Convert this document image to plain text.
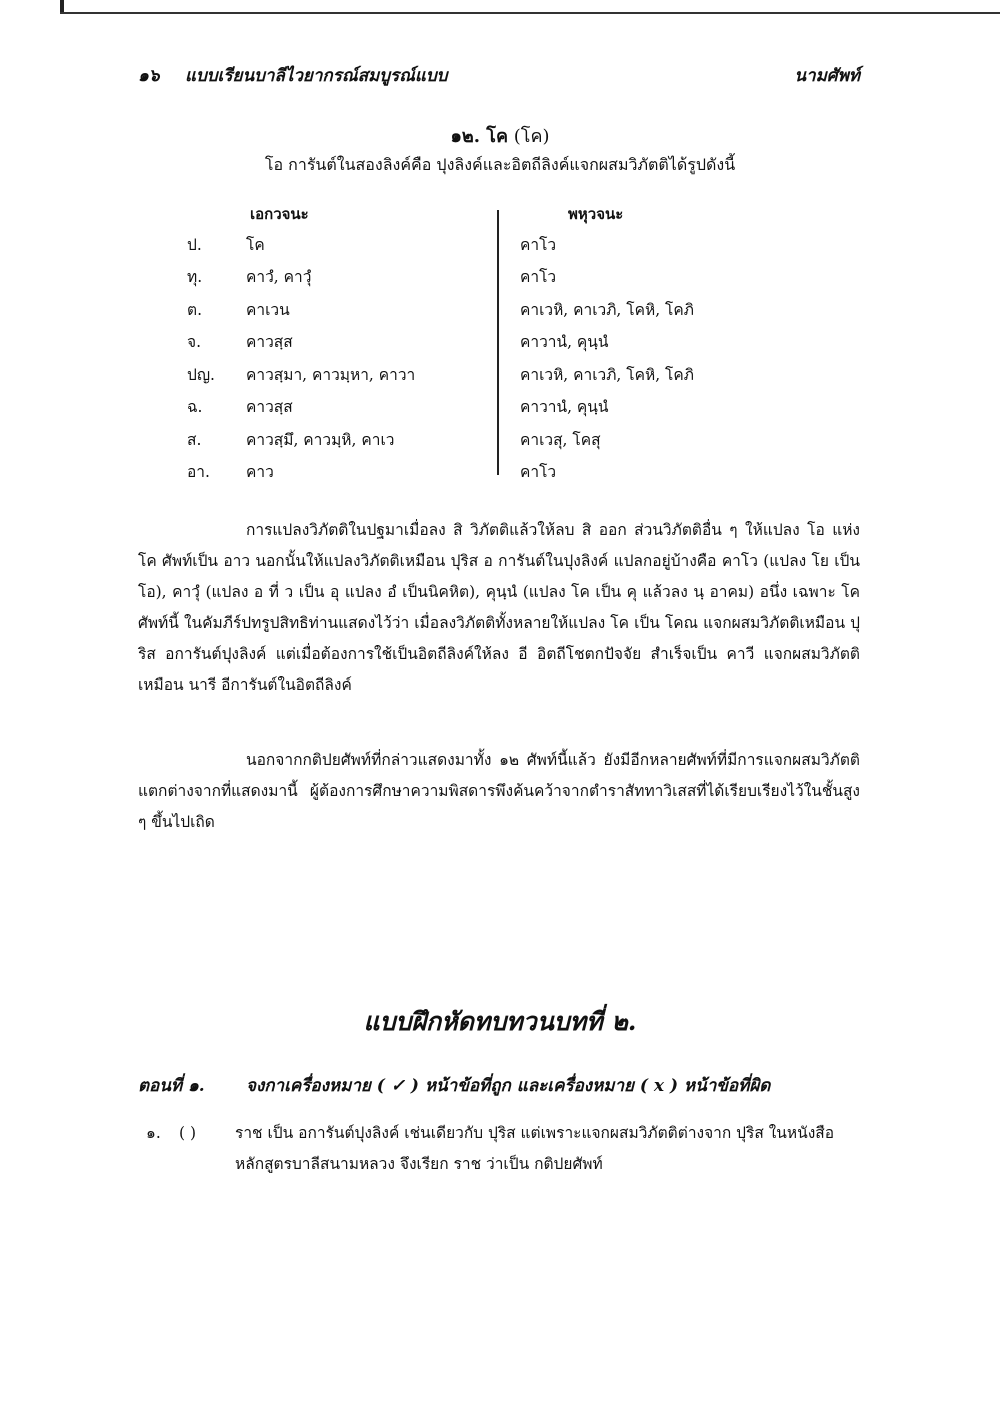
๑๖ แบบเรียนบาลีไวยากรณ์สมบูรณ์แบบ	นามศัพท์
๑๒. โค (โค)
โอ การันต์ในสองลิงค์คือ ปุงลิงค์และอิตถีลิงค์แจกผสมวิภัตติได้รูปดังนี้
เอกวจนะ	พหุวจนะ
ป.	โค	คาโว
ทุ.	คาวํ, คาวุํ	คาโว
ต.	คาเวน	คาเวหิ, คาเวภิ, โคหิ, โคภิ
จ.	คาวสฺส	คาวานํ, คุนฺนํ
ปญ. คาวสฺมา, คาวมฺหา, คาวา	คาเวหิ, คาเวภิ, โคหิ, โคภิ
ฉ.	คาวสฺส	คาวานํ, คุนฺนํ
ส.	คาวสฺมึ, คาวมฺหิ, คาเว	คาเวสุ, โคสุ
อา. คาว	คาโว
การแปลงวิภัตติในปฐมาเมื่อลง สิ วิภัตติแล้วให้ลบ สิ ออก ส่วนวิภัตติอื่น ๆ ให้แปลง โอ แห่ง โค ศัพท์เป็น อาว นอกนั้นให้แปลงวิภัตติเหมือน ปุริส อ การันต์ในปุงลิงค์ แปลกอยู่บ้างคือ คาโว (แปลง โย เป็น โอ), คาวุํ (แปลง อ ที่ ว เป็น อุ แปลง อํ เป็นนิคหิต), คุนฺนํ (แปลง โค เป็น คุ แล้วลง นฺ อาคม) อนึ่ง เฉพาะ โค ศัพท์นี้ ในคัมภีร์ปทรูปสิทธิท่านแสดงไว้ว่า เมื่อลงวิภัตติทั้งหลายให้แปลง โค เป็น โคณ แจกผสมวิภัตติเหมือน ปุริส อการันต์ปุงลิงค์ แต่เมื่อต้องการใช้เป็นอิตถีลิงค์ให้ลง อี อิตถีโชตกปัจจัย สำเร็จเป็น คาวี แจกผสมวิภัตติเหมือน นารี อีการันต์ในอิตถีลิงค์
นอกจากกติปยศัพท์ที่กล่าวแสดงมาทั้ง ๑๒ ศัพท์นี้แล้ว ยังมีอีกหลายศัพท์ที่มีการแจกผสมวิภัตติแตกต่างจากที่แสดงมานี้ ผู้ต้องการศึกษาความพิสดารพึงค้นคว้าจากตำราสัททาวิเสสที่ได้เรียบเรียงไว้ในชั้นสูง ๆ ขึ้นไปเถิด
แบบฝึกหัดทบทวนบทที่ ๒.
ตอนที่ ๑. จงกาเครื่องหมาย ( ✓ ) หน้าข้อที่ถูก และเครื่องหมาย ( x ) หน้าข้อที่ผิด
๑. ( )	ราช เป็น อการันต์ปุงลิงค์ เช่นเดียวกับ ปุริส แต่เพราะแจกผสมวิภัตติต่างจาก ปุริส ในหนังสือ หลักสูตรบาลีสนามหลวง จึงเรียก ราช ว่าเป็น กติปยศัพท์
